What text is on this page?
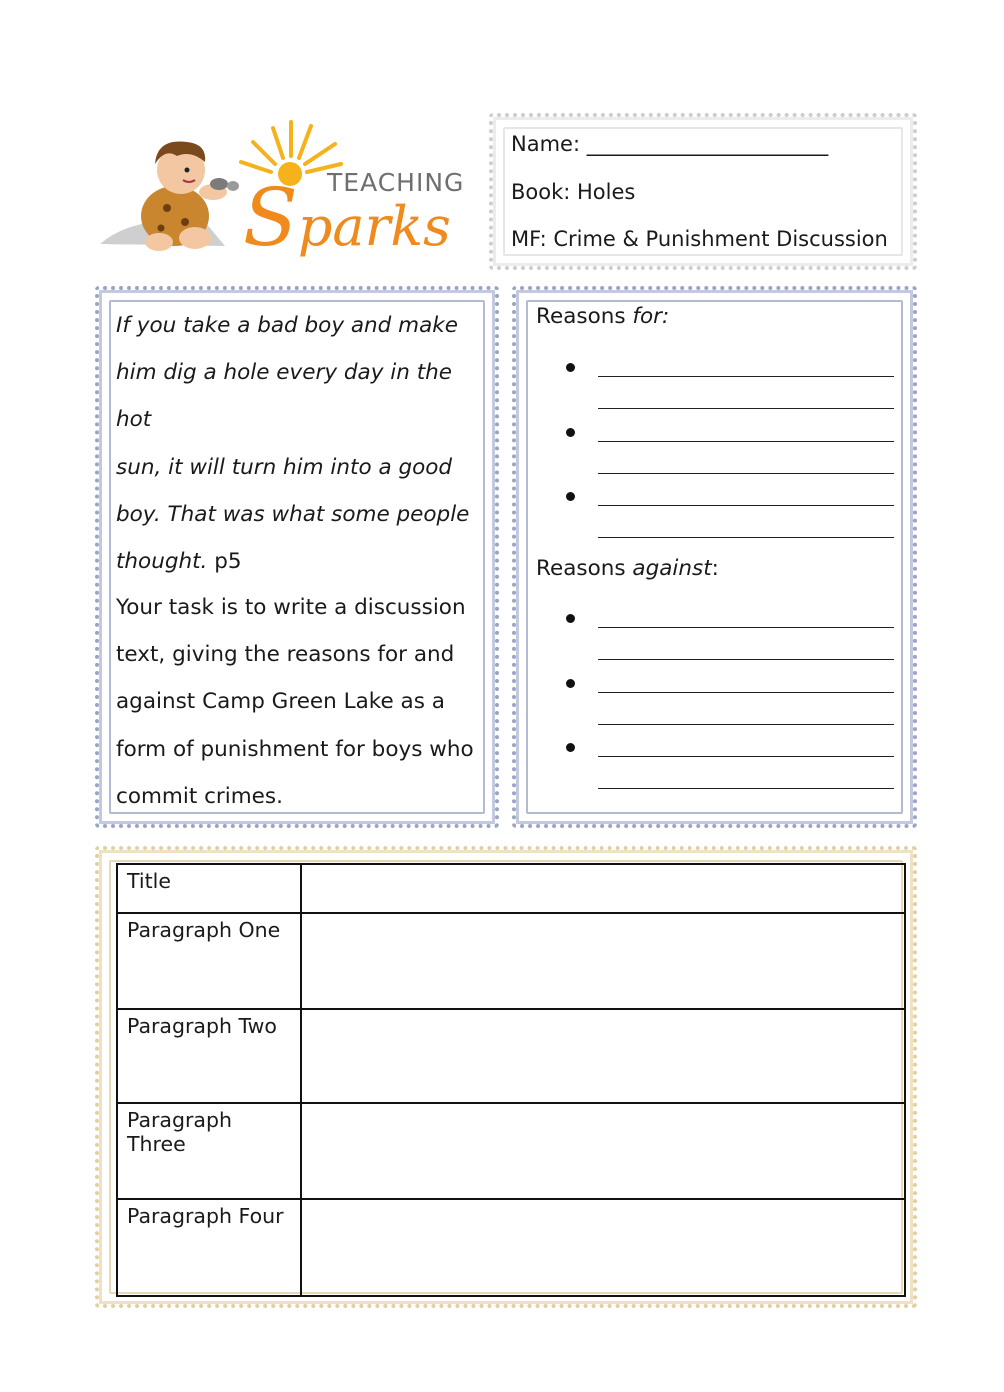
TEACHING
Sparks
Name: _______________________
Book: Holes
MF: Crime & Punishment Discussion
If you take a bad boy and make
him dig a hole every day in the hot
sun, it will turn him into a good
boy. That was what some people
thought. p5
Your task is to write a discussion
text, giving the reasons for and
against Camp Green Lake as a
form of punishment for boys who
commit crimes.
Reasons for:
Reasons against:
Title	
Paragraph One	
Paragraph Two	
Paragraph Three	
Paragraph Four	
